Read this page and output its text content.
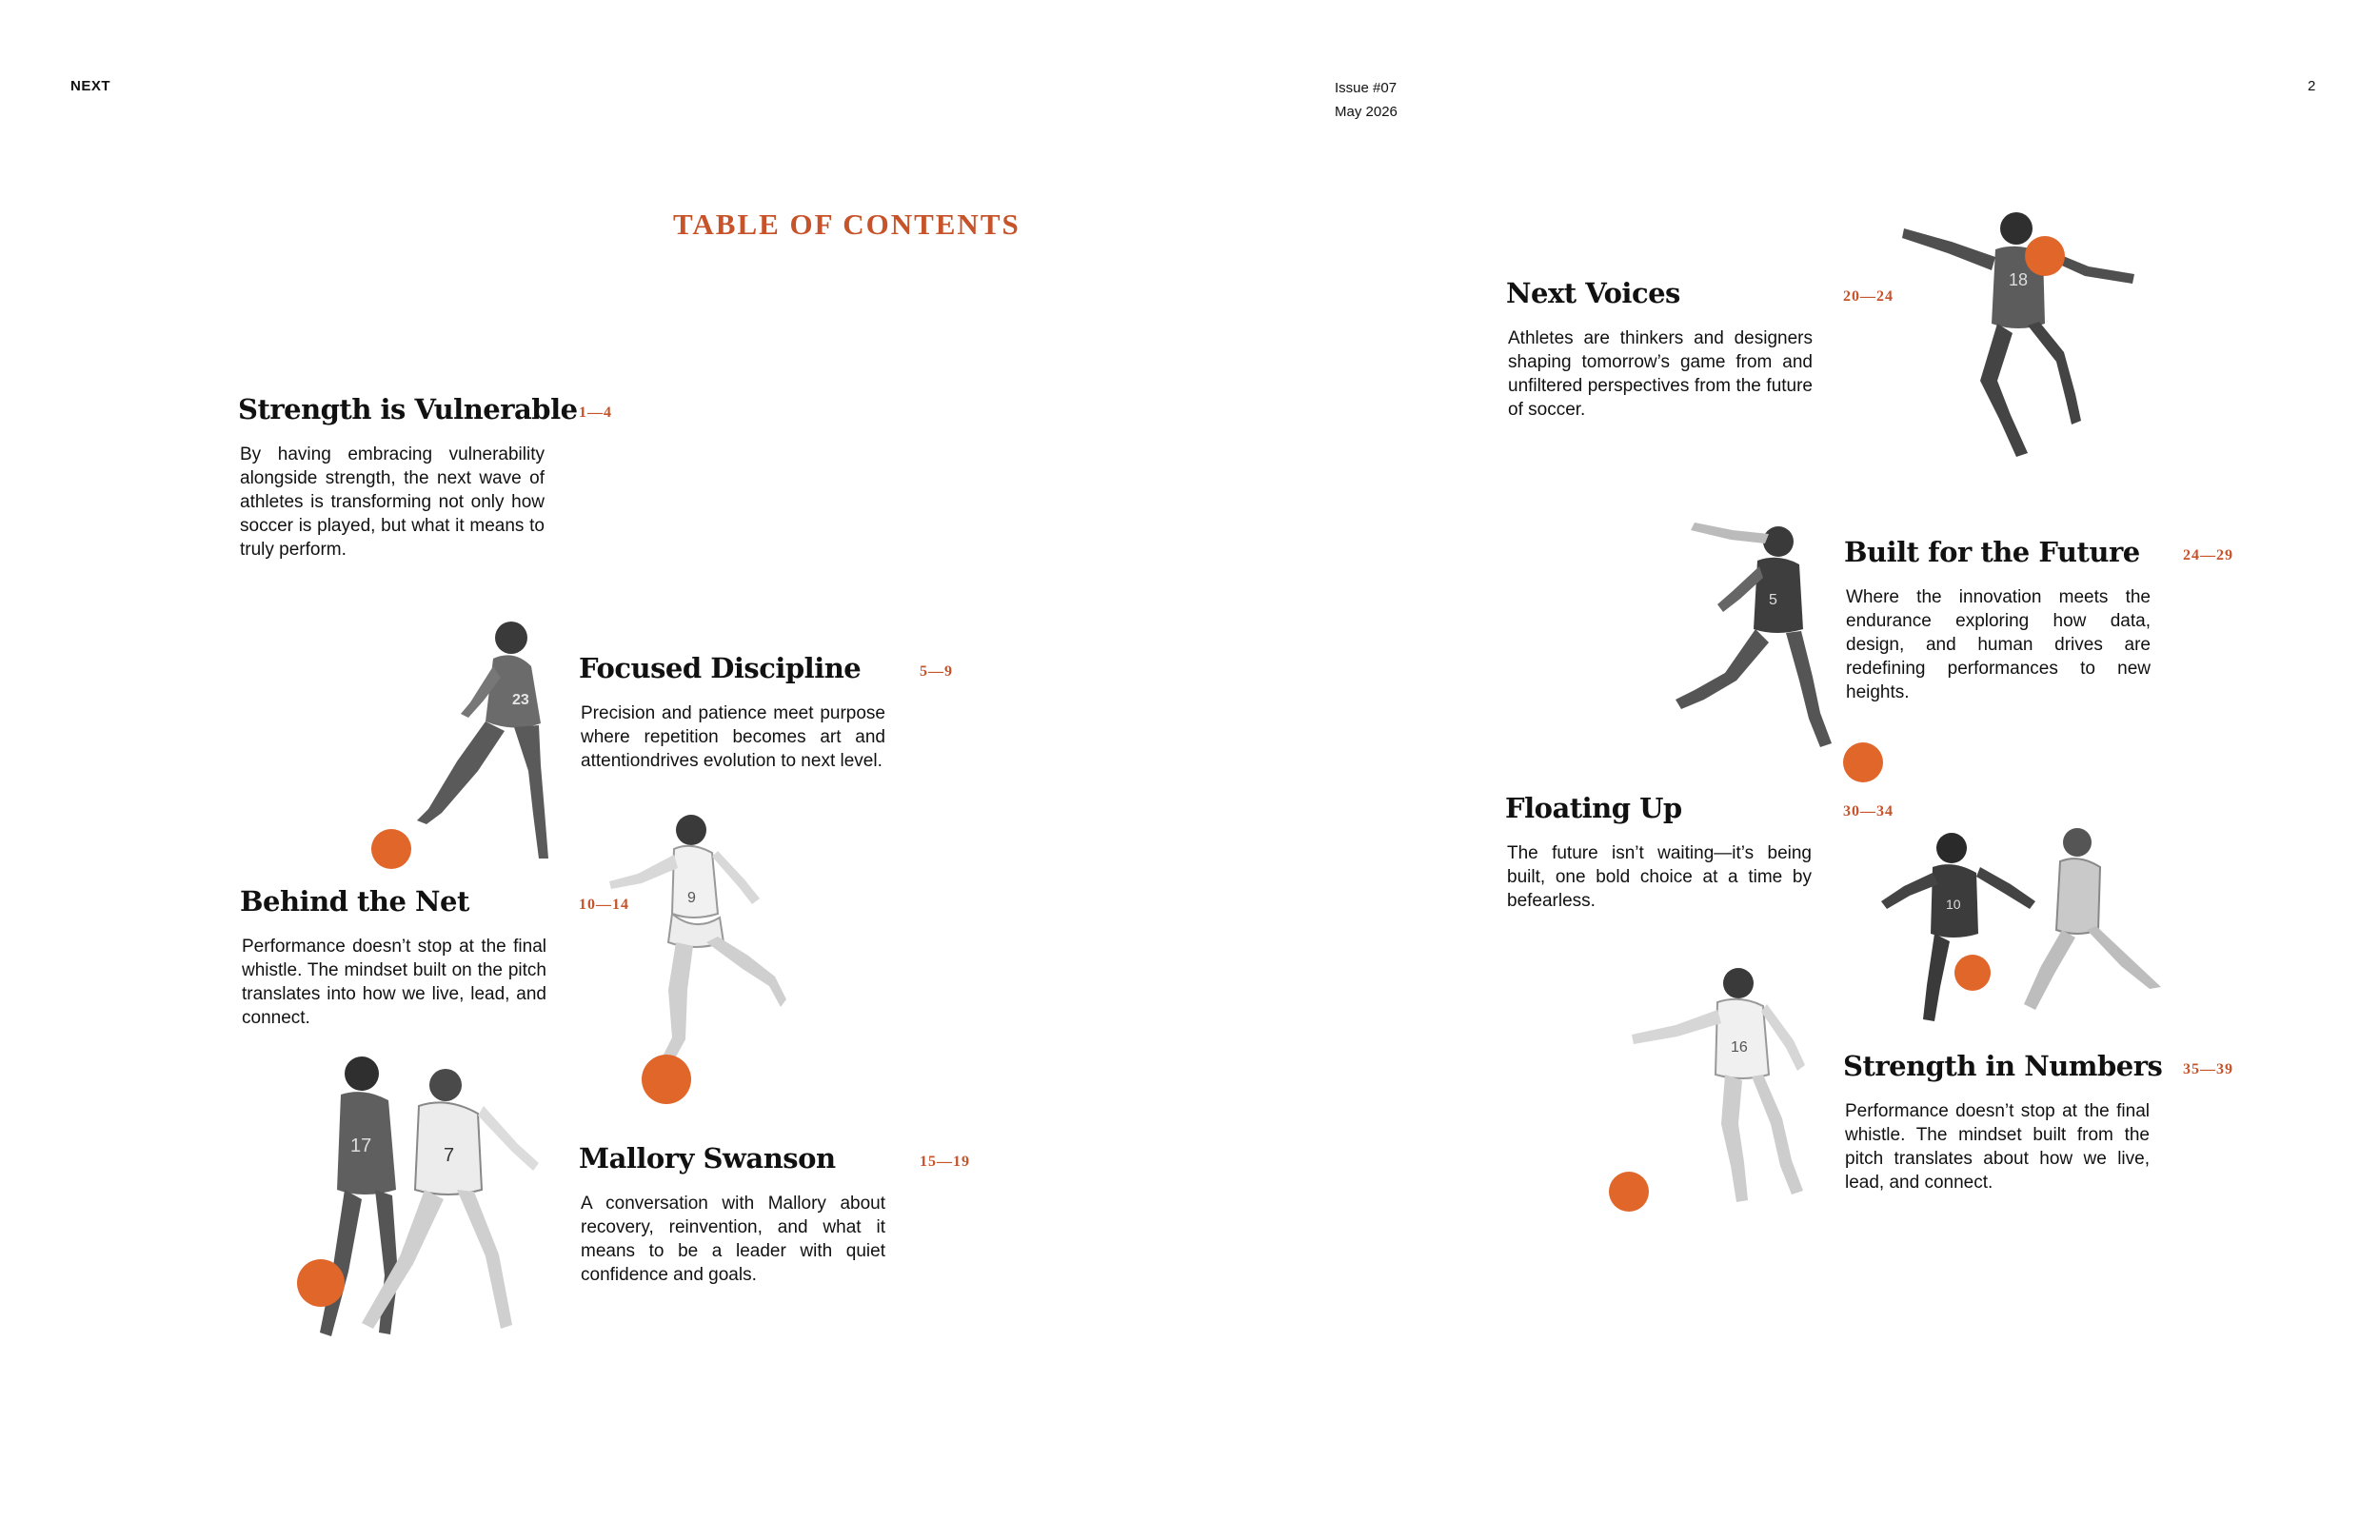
NEXT	Issue #07
May 2026
2
TABLE OF CONTENTS
23
9
17	7
18
5
10
16
Strength is Vulnerable 1—4

By having embracing vulnerability alongside strength, the next wave of athletes is transforming not only how soccer is played, but what it means to truly perform.

Focused Discipline	5—9

Precision and patience meet purpose where repetition becomes art and attentiondrives evolution to next level.

Behind the Net	10—14

Performance doesn’t stop at the final whistle. The mindset built on the pitch translates into how we live, lead, and connect.

Mallory Swanson	15—19

A conversation with Mallory about recovery, reinvention, and what it means to be a leader with quiet confidence and goals.

Next Voices	20—24

Athletes are thinkers and designers shaping tomorrow’s game from and unfiltered perspectives from the future of soccer.

Built for the Future	24—29

Where the innovation meets the endurance exploring how data, design, and human drives are redefining performances to new heights.

Floating Up	30—34

The future isn’t waiting—it’s being built, one bold choice at a time by befearless.

Strength in Numbers	35—39

Performance doesn’t stop at the final whistle. The mindset built from the pitch translates about how we live, lead, and connect.
